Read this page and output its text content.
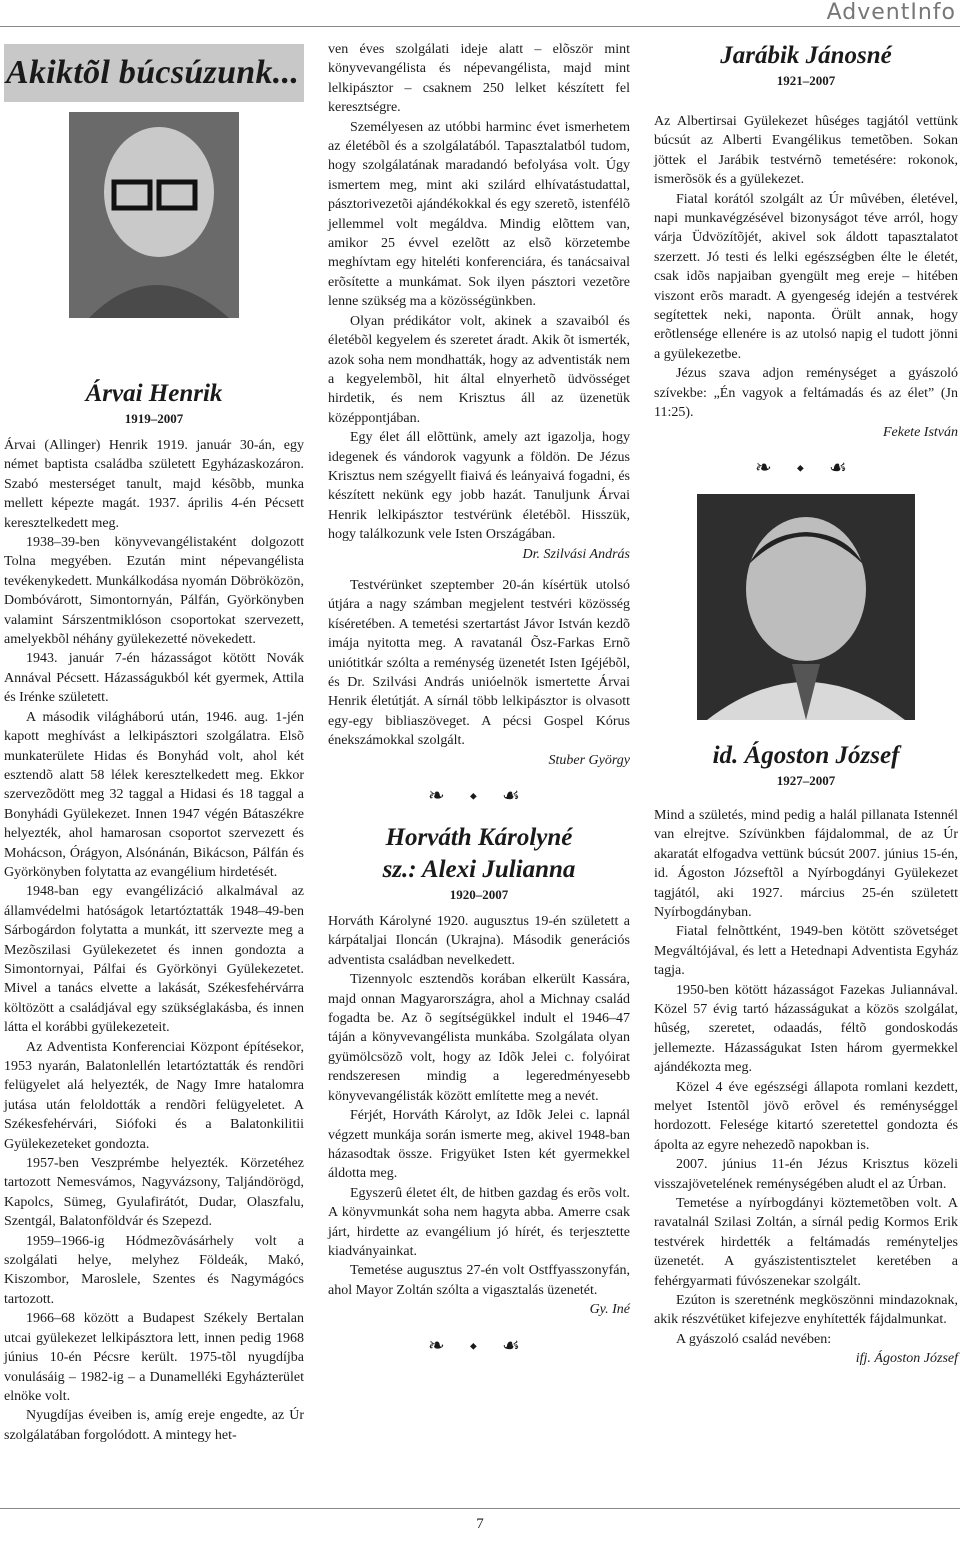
AdventInfo
Akiktõl búcsúzunk...
Árvai Henrik
1919–2007

Árvai (Allinger) Henrik 1919. január 30-án, egy német baptista családba született Egyházaskozáron. Szabó mesterséget tanult, majd késõbb, munka mellett képezte magát. 1937. április 4-én Pécsett keresztelkedett meg.

1938–39-ben könyvevangélistaként dolgozott Tolna megyében. Ezután mint népevangélista tevékenykedett. Munkálkodása nyomán Döbröközön, Dombóvárott, Simontornyán, Pálfán, Györkönyben valamint Sárszentmiklóson csoportokat szervezett, amelyekbõl néhány gyülekezetté növekedett.

1943. január 7-én házasságot kötött Novák Annával Pécsett. Házasságukból két gyermek, Attila és Irénke született.

A második világháború után, 1946. aug. 1-jén kapott meghívást a lelkipásztori szolgálatra. Elsõ munkaterülete Hidas és Bonyhád volt, ahol két esztendõ alatt 58 lélek keresztelkedett meg. Ekkor szervezõdött meg 32 taggal a Hidasi és 18 taggal a Bonyhádi Gyülekezet. Innen 1947 végén Bátaszékre helyezték, ahol hamarosan csoportot szervezett és Mohácson, Órágyon, Alsónánán, Bikácson, Pálfán és Györkönyben folytatta az evangélium hirdetését.

1948-ban egy evangélizáció alkalmával az államvédelmi hatóságok letartóztatták 1948–49-ben Sárbogárdon folytatta a munkát, itt szervezte meg a Mezõszilasi Gyülekezetet és innen gondozta a Simontornyai, Pálfai és Györkönyi Gyülekezetet. Mivel a tanács elvette a lakását, Székesfehérvárra költözött a családjával egy szükséglakásba, és innen látta el korábbi gyülekezeteit.

Az Adventista Konferenciai Központ építésekor, 1953 nyarán, Balatonlellén letartóztatták és rendõri felügyelet alá helyezték, de Nagy Imre hatalomra jutása után feloldották a rendõri felügyeletet. A Székesfehérvári, Siófoki és a Balatonkilitii Gyülekezeteket gondozta.

1957-ben Veszprémbe helyezték. Körzetéhez tartozott Nemesvámos, Nagyvázsony, Taljándörögd, Kapolcs, Sümeg, Gyulafirátót, Dudar, Olaszfalu, Szentgál, Balatonföldvár és Szepezd.

1959–1966-ig Hódmezõvásárhely volt a szolgálati helye, melyhez Földeák, Makó, Kiszombor, Maroslele, Szentes és Nagymágócs tartozott.

1966–68 között a Budapest Székely Bertalan utcai gyülekezet lelkipásztora lett, innen pedig 1968 június 10-én Pécsre került. 1975-tõl nyugdíjba vonulásáig – 1982-ig – a Dunamelléki Egyházterület elnöke volt.

Nyugdíjas éveiben is, amíg ereje engedte, az Úr szolgálatában forgolódott. A mintegy het-

ven éves szolgálati ideje alatt – elõször mint könyvevangélista és népevangélista, majd mint lelkipásztor – csaknem 250 lelket készített fel keresztségre.

Személyesen az utóbbi harminc évet ismerhetem az életébõl és a szolgálatából. Tapasztalatból tudom, hogy szolgálatának maradandó befolyása volt. Úgy ismertem meg, mint aki szilárd elhívatástudattal, pásztorivezetõi ajándékokkal és egy szeretõ, istenfélõ jellemmel volt megáldva. Mindig elõttem van, amikor 25 évvel ezelõtt az elsõ körzetembe meghívtam egy hiteléti konferenciára, és tanácsaival erõsítette a munkámat. Sok ilyen pásztori vezetõre lenne szükség ma a közösségünkben.

Olyan prédikátor volt, akinek a szavaiból és életébõl kegyelem és szeretet áradt. Akik õt ismerték, azok soha nem mondhatták, hogy az adventisták nem a kegyelembõl, hit által elnyerhetõ üdvösséget hirdetik, és nem Krisztus áll az üzenetük középpontjában.

Egy élet áll elõttünk, amely azt igazolja, hogy idegenek és vándorok vagyunk a földön. De Jézus Krisztus nem szégyellt fiaivá és leányaivá fogadni, és készített nekünk egy jobb hazát. Tanuljunk Árvai Henrik lelkipásztor testvérünk életébõl. Hisszük, hogy találkozunk vele Isten Országában.

Dr. Szilvási András

Testvérünket szeptember 20-án kísértük utolsó útjára a nagy számban megjelent testvéri közösség kíséretében. A temetési szertartást Jávor István kezdõ imája nyitotta meg. A ravatanál Õsz-Farkas Ernõ uniótitkár szólta a reménység üzenetét Isten Igéjébõl, és Dr. Szilvási András unióelnök ismertette Árvai Henrik életútját. A sírnál több lelkipásztor is olvasott egy-egy bibliaszöveget. A pécsi Gospel Kórus énekszámokkal szolgált.

Stuber György

❧ ⬩ ☙
Horváth Károlyné
sz.: Alexi Julianna
1920–2007

Horváth Károlyné 1920. augusztus 19-én született a kárpátaljai Iloncán (Ukrajna). Második generációs adventista családban nevelkedett.

Tizennyolc esztendõs korában elkerült Kassára, majd onnan Magyarországra, ahol a Michnay család fogadta be. Az õ segítségükkel indult el 1946–47 táján a könyvevangélista munkába. Szolgálata olyan gyümölcsözõ volt, hogy az Idõk Jelei c. folyóirat rendszeresen mindig a legeredményesebb könyvevangélisták között említette meg a nevét.

Férjét, Horváth Károlyt, az Idõk Jelei c. lapnál végzett munkája során ismerte meg, akivel 1948-ban házasodtak össze. Frigyüket Isten két gyermekkel áldotta meg.

Egyszerû életet élt, de hitben gazdag és erõs volt. A könyvmunkát soha nem hagyta abba. Amerre csak járt, hirdette az evangélium jó hírét, és terjesztette kiadványainkat.

Temetése augusztus 27-én volt Ostffyasszonyfán, ahol Mayor Zoltán szólta a vigasztalás üzenetét.

Gy. Iné

❧ ⬩ ☙
Jarábik Jánosné
1921–2007

Az Albertirsai Gyülekezet hûséges tagjától vettünk búcsút az Alberti Evangélikus temetõben. Sokan jöttek el Jarábik testvérnõ temetésére: rokonok, ismerõsök és a gyülekezet.

Fiatal korától szolgált az Úr mûvében, életével, napi munkavégzésével bizonyságot téve arról, hogy várja Üdvözítõjét, akivel sok áldott tapasztalatot szerzett. Jó testi és lelki egészségben élte le életét, csak idõs napjaiban gyengült meg ereje – hitében viszont erõs maradt. A gyengeség idején a testvérek segítettek neki, naponta. Örült annak, hogy erõtlensége ellenére is az utolsó napig el tudott jönni a gyülekezetbe.

Jézus szava adjon reménységet a gyászoló szívekbe: „Én vagyok a feltámadás és az élet” (Jn 11:25).

Fekete István

❧ ⬩ ☙
id. Ágoston József
1927–2007

Mind a születés, mind pedig a halál pillanata Istennél van elrejtve. Szívünkben fájdalommal, de az Úr akaratát elfogadva vettünk búcsút 2007. június 15-én, id. Ágoston Józseftõl a Nyírbogdányi Gyülekezet tagjától, aki 1927. március 25-én született Nyírbogdányban.

Fiatal felnõttként, 1949-ben kötött szövetséget Megváltójával, és lett a Hetednapi Adventista Egyház tagja.

1950-ben kötött házasságot Fazekas Juliannával. Közel 57 évig tartó házasságukat a közös szolgálat, hûség, szeretet, odaadás, féltõ gondoskodás jellemezte. Házasságukat Isten három gyermekkel ajándékozta meg.

Közel 4 éve egészségi állapota romlani kezdett, melyet Istentõl jövõ erõvel és reménységgel hordozott. Felesége kitartó szeretettel gondozta és ápolta az egyre nehezedõ napokban is.

2007. június 11-én Jézus Krisztus közeli visszajövetelének reménységében aludt el az Úrban.

Temetése a nyírbogdányi köztemetõben volt. A ravatalnál Szilasi Zoltán, a sírnál pedig Kormos Erik testvérek hirdették a feltámadás reményteljes üzenetét. A gyászistentisztelet keretében a fehérgyarmati fúvószenekar szolgált.

Ezúton is szeretnénk megköszönni mindazoknak, akik részvétüket kifejezve enyhítették fájdalmunkat.

A gyászoló család nevében:

ifj. Ágoston József

7
